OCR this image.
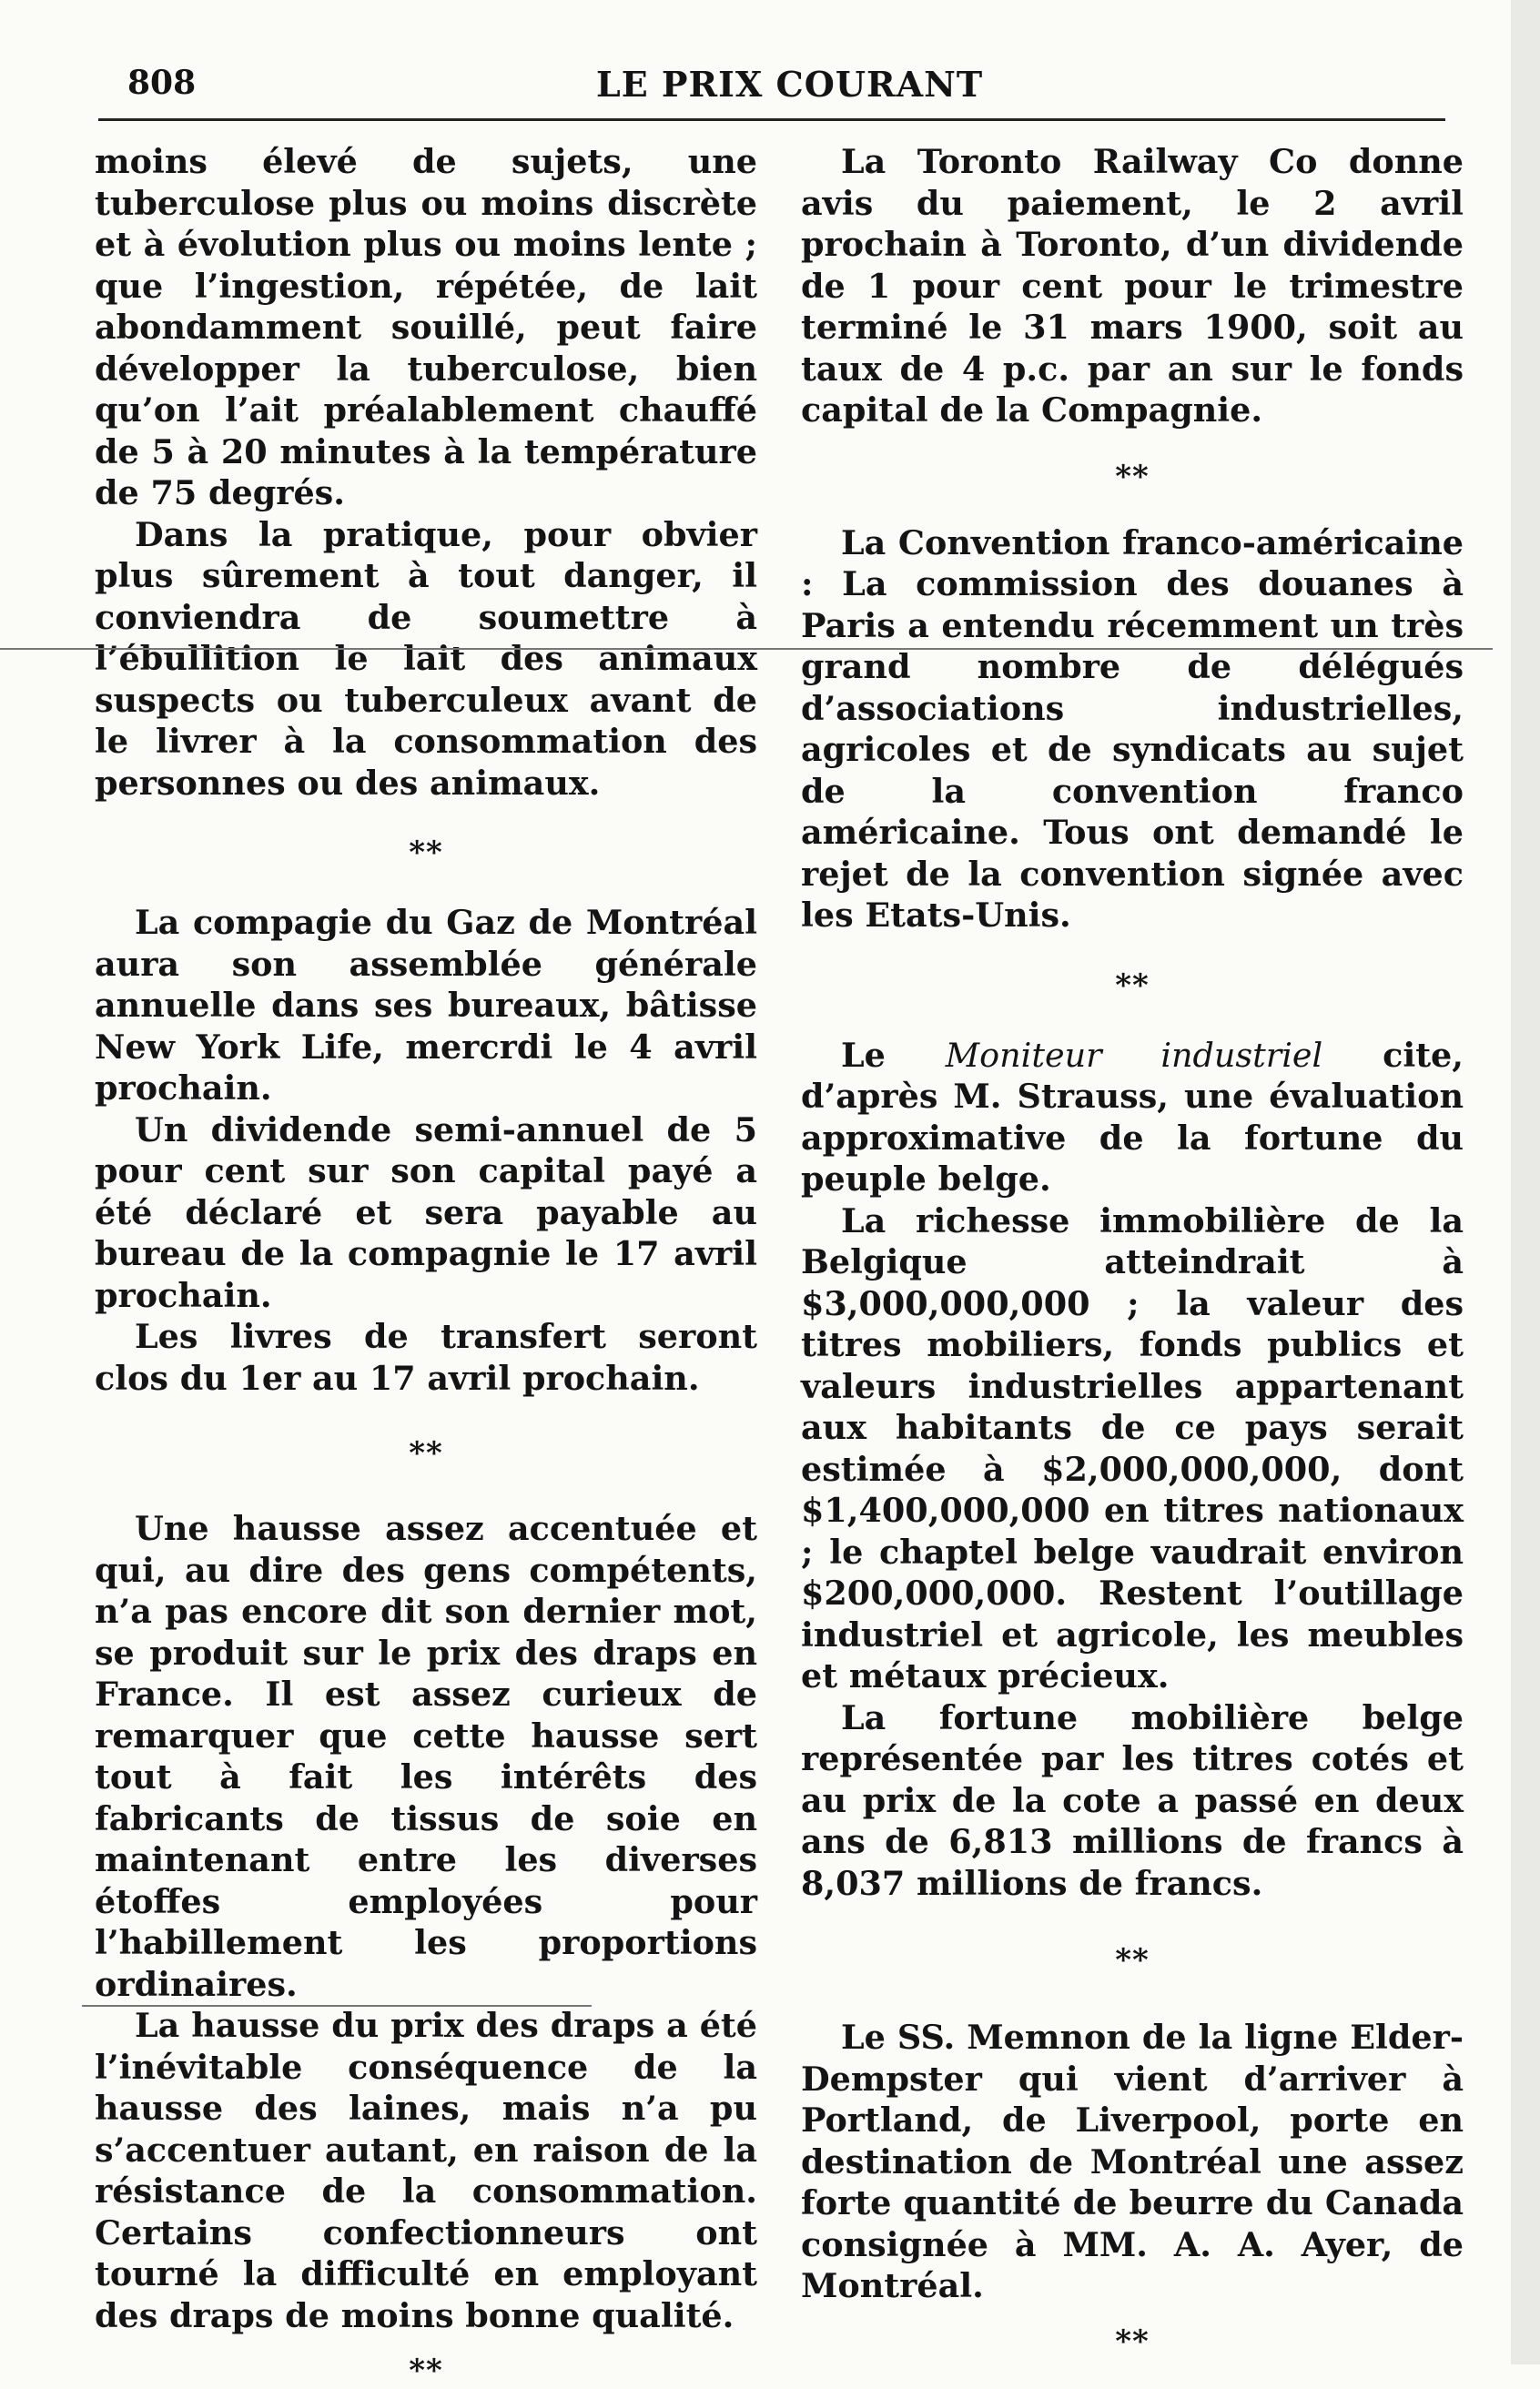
808	LE PRIX COURANT

moins élevé de sujets, une tuberculose plus ou moins discrète et à évolution plus ou moins lente ; que l’ingestion, répétée, de lait abondamment souillé, peut faire développer la tuberculose, bien qu’on l’ait préalablement chauffé de 5 à 20 minutes à la température de 75 degrés.

Dans la pratique, pour obvier plus sûrement à tout danger, il conviendra de soumettre à l’ébullition le lait des animaux suspects ou tuberculeux avant de le livrer à la consommation des personnes ou des animaux.

**

La compagie du Gaz de Montréal aura son assemblée générale annuelle dans ses bureaux, bâtisse New York Life, mercrdi le 4 avril prochain.

Un dividende semi-annuel de 5 pour cent sur son capital payé a été déclaré et sera payable au bureau de la compagnie le 17 avril prochain.

Les livres de transfert seront clos du 1er au 17 avril prochain.

**

Une hausse assez accentuée et qui, au dire des gens compétents, n’a pas encore dit son dernier mot, se produit sur le prix des draps en France. Il est assez curieux de remarquer que cette hausse sert tout à fait les intérêts des fabricants de tissus de soie en maintenant entre les diverses étoffes employées pour l’habillement les proportions ordinaires.

La hausse du prix des draps a été l’inévitable conséquence de la hausse des laines, mais n’a pu s’accentuer autant, en raison de la résistance de la consommation. Certains confectionneurs ont tourné la difficulté en employant des draps de moins bonne qualité.

**

La Toronto Railway Co donne avis du paiement, le 2 avril prochain à Toronto, d’un dividende de 1 pour cent pour le trimestre terminé le 31 mars 1900, soit au taux de 4 p.c. par an sur le fonds capital de la Compagnie.

**

La Convention franco-américaine : La commission des douanes à Paris a entendu récemment un très grand nombre de délégués d’associations industrielles, agricoles et de syndicats au sujet de la convention franco américaine. Tous ont demandé le rejet de la convention signée avec les Etats-Unis.

**

Le Moniteur industriel cite, d’après M. Strauss, une évaluation approximative de la fortune du peuple belge.

La richesse immobilière de la Belgique atteindrait à $3,000,000,000 ; la valeur des titres mobiliers, fonds publics et valeurs industrielles appartenant aux habitants de ce pays serait estimée à $2,000,000,000, dont $1,400,000,000 en titres nationaux ; le chaptel belge vaudrait environ $200,000,000. Restent l’outillage industriel et agricole, les meubles et métaux précieux.

La fortune mobilière belge représentée par les titres cotés et au prix de la cote a passé en deux ans de 6,813 millions de francs à 8,037 millions de francs.

**

Le SS. Memnon de la ligne Elder-Dempster qui vient d’arriver à Portland, de Liverpool, porte en destination de Montréal une assez forte quantité de beurre du Canada consignée à MM. A. A. Ayer, de Montréal.

**
